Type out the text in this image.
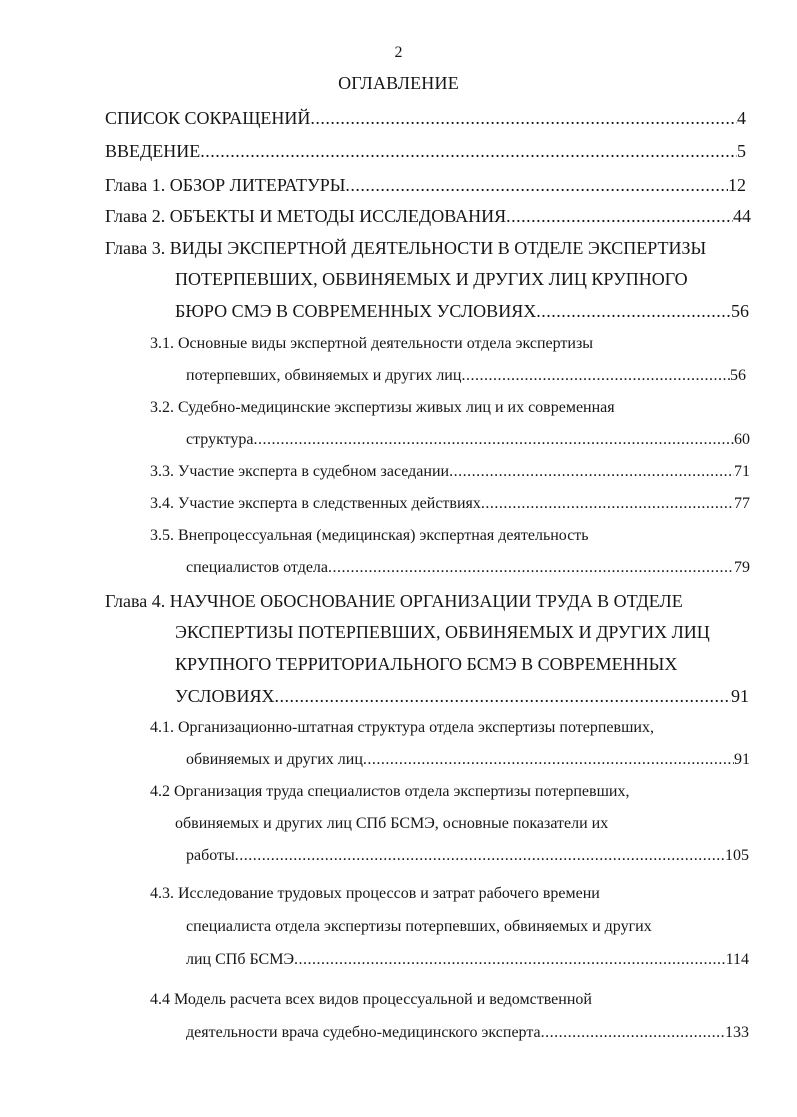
2
ОГЛАВЛЕНИЕ
СПИСОК СОКРАЩЕНИЙ .....	4
ВВЕДЕНИЕ .....	5
Глава 1. ОБЗОР ЛИТЕРАТУРЫ .....	12
Глава 2. ОБЪЕКТЫ И МЕТОДЫ ИССЛЕДОВАНИЯ .....	44
Глава 3. ВИДЫ ЭКСПЕРТНОЙ ДЕЯТЕЛЬНОСТИ В ОТДЕЛЕ ЭКСПЕРТИЗЫ
ПОТЕРПЕВШИХ, ОБВИНЯЕМЫХ И ДРУГИХ ЛИЦ КРУПНОГО
БЮРО СМЭ В СОВРЕМЕННЫХ УСЛОВИЯХ .....	56
3.1. Основные виды экспертной деятельности отдела экспертизы
потерпевших, обвиняемых и других лиц .....	56
3.2. Судебно-медицинские экспертизы живых лиц и их современная
структура .....	60
3.3. Участие эксперта в судебном заседании .....	71
3.4. Участие эксперта в следственных действиях .....	77
3.5. Внепроцессуальная (медицинская) экспертная деятельность
специалистов отдела .....	79
Глава 4. НАУЧНОЕ ОБОСНОВАНИЕ ОРГАНИЗАЦИИ ТРУДА В ОТДЕЛЕ
ЭКСПЕРТИЗЫ ПОТЕРПЕВШИХ, ОБВИНЯЕМЫХ И ДРУГИХ ЛИЦ
КРУПНОГО ТЕРРИТОРИАЛЬНОГО БСМЭ В СОВРЕМЕННЫХ
УСЛОВИЯХ .....	91
4.1. Организационно-штатная структура отдела экспертизы потерпевших,
обвиняемых и других лиц .....	91
4.2 Организация труда специалистов отдела экспертизы потерпевших,
обвиняемых и других лиц СПб БСМЭ, основные показатели их
работы .....	105
4.3. Исследование трудовых процессов и затрат рабочего времени
специалиста отдела экспертизы потерпевших, обвиняемых и других
лиц СПб БСМЭ .....	114
4.4 Модель расчета всех видов процессуальной и ведомственной
деятельности врача судебно-медицинского эксперта .....	133
